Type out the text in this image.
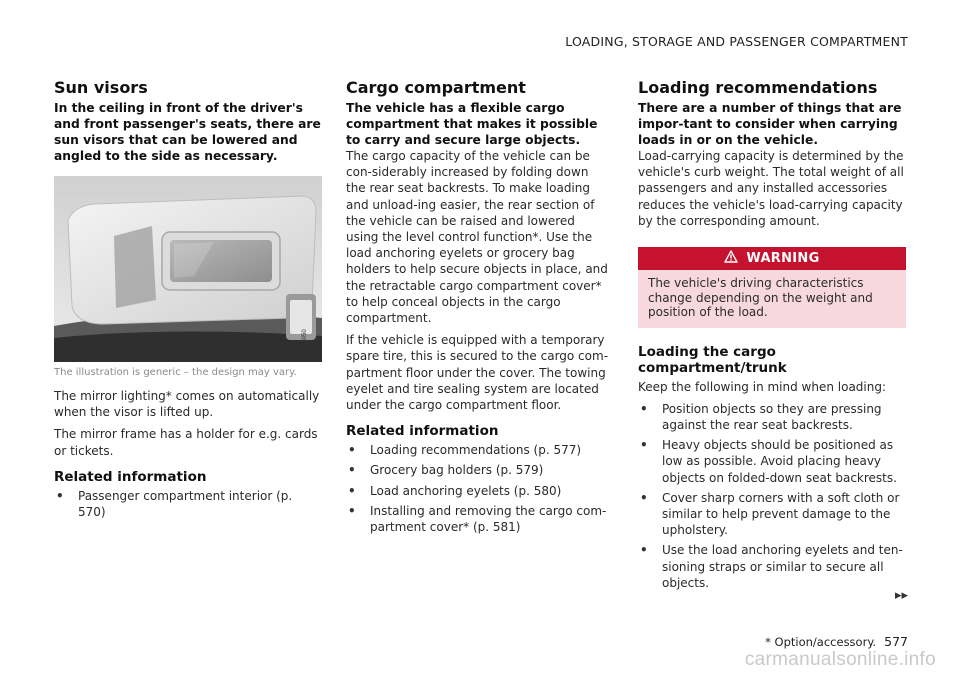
LOADING, STORAGE AND PASSENGER COMPARTMENT
Sun visors

In the ceiling in front of the driver's and front passenger's seats, there are sun visors that can be lowered and angled to the side as necessary.

G065050
The illustration is generic – the design may vary.

The mirror lighting* comes on automatically when the visor is lifted up.

The mirror frame has a holder for e.g. cards or tickets.

Related information
• Passenger compartment interior (p. 570)
Cargo compartment

The vehicle has a flexible cargo compartment that makes it possible to carry and secure large objects.

The cargo capacity of the vehicle can be con-siderably increased by folding down the rear seat backrests. To make loading and unload-ing easier, the rear section of the vehicle can be raised and lowered using the level control function*. Use the load anchoring eyelets or grocery bag holders to help secure objects in place, and the retractable cargo compartment cover* to help conceal objects in the cargo compartment.

If the vehicle is equipped with a temporary spare tire, this is secured to the cargo com-partment floor under the cover. The towing eyelet and tire sealing system are located under the cargo compartment floor.

Related information
• Loading recommendations (p. 577)
• Grocery bag holders (p. 579)
• Load anchoring eyelets (p. 580)
• Installing and removing the cargo com-partment cover* (p. 581)
Loading recommendations

There are a number of things that are impor-tant to consider when carrying loads in or on the vehicle.

Load-carrying capacity is determined by the vehicle's curb weight. The total weight of all passengers and any installed accessories reduces the vehicle's load-carrying capacity by the corresponding amount.

WARNING
The vehicle's driving characteristics change depending on the weight and position of the load.
Loading the cargo compartment/trunk

Keep the following in mind when loading:

• Position objects so they are pressing against the rear seat backrests.
• Heavy objects should be positioned as low as possible. Avoid placing heavy objects on folded-down seat backrests.
• Cover sharp corners with a soft cloth or similar to help prevent damage to the upholstery.
• Use the load anchoring eyelets and ten-sioning straps or similar to secure all objects.
▸▸
* Option/accessory. 577
carmanualsonline.info
